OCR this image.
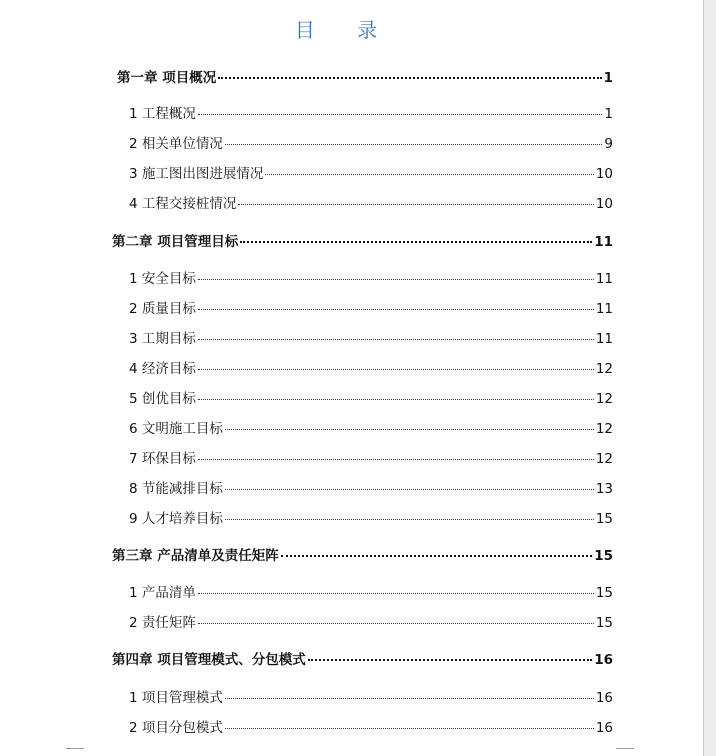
目 录
第一章 项目概况	1
1 工程概况	1
2 相关单位情况	9
3 施工图出图进展情况	10
4 工程交接桩情况	10
第二章 项目管理目标	11
1 安全目标	11
2 质量目标	11
3 工期目标	11
4 经济目标	12
5 创优目标	12
6 文明施工目标	12
7 环保目标	12
8 节能减排目标	13
9 人才培养目标	15
第三章 产品清单及责任矩阵	15
1 产品清单	15
2 责任矩阵	15
第四章 项目管理模式、分包模式	16
1 项目管理模式	16
2 项目分包模式	16
